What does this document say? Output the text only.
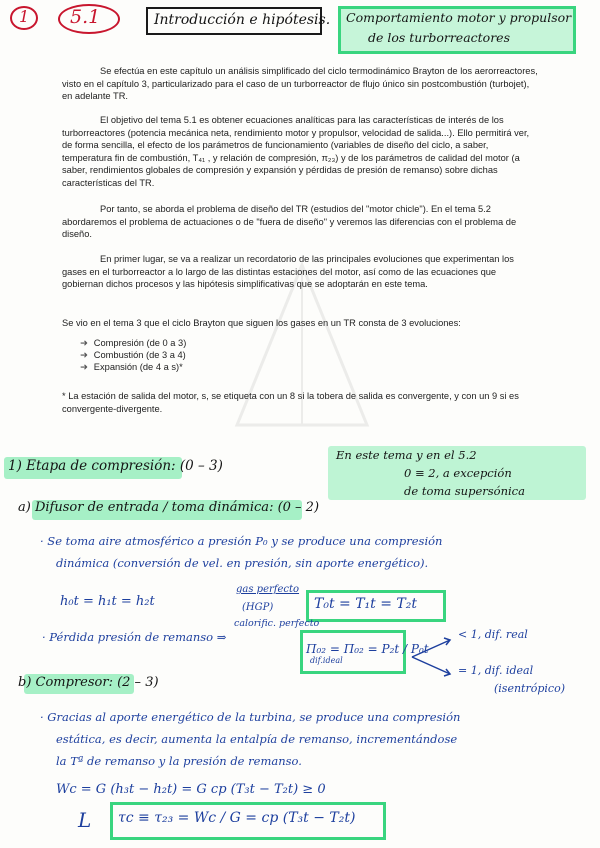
1 5.1	Introducción e hipótesis. Comportamiento motor y propulsor
de los turborreactores
Se efectúa en este capítulo un análisis simplificado del ciclo termodinámico Brayton de los aerorreactores, visto en el capítulo 3, particularizado para el caso de un turborreactor de flujo único sin postcombustión (turbojet), en adelante TR.
El objetivo del tema 5.1 es obtener ecuaciones analíticas para las características de interés de los turborreactores (potencia mecánica neta, rendimiento motor y propulsor, velocidad de salida...). Ello permitirá ver, de forma sencilla, el efecto de los parámetros de funcionamiento (variables de diseño del ciclo, a saber, temperatura fin de combustión, T₄₁ , y relación de compresión, π₂₃) y de los parámetros de calidad del motor (a saber, rendimientos globales de compresión y expansión y pérdidas de presión de remanso) sobre dichas características del TR.
Por tanto, se aborda el problema de diseño del TR (estudios del "motor chicle"). En el tema 5.2 abordaremos el problema de actuaciones o de "fuera de diseño" y veremos las diferencias con el problema de diseño.
En primer lugar, se va a realizar un recordatorio de las principales evoluciones que experimentan los gases en el turborreactor a lo largo de las distintas estaciones del motor, así como de las ecuaciones que gobiernan dichos procesos y las hipótesis simplificativas que se adoptarán en este tema.
Se vio en el tema 3 que el ciclo Brayton que siguen los gases en un TR consta de 3 evoluciones:
➜ Compresión (de 0 a 3)
➜ Combustión (de 3 a 4)
➜ Expansión (de 4 a s)*
* La estación de salida del motor, s, se etiqueta con un 8 si la tobera de salida es convergente, y con un 9 si es convergente-divergente.
1) Etapa de compresión: (0 – 3)
En este tema y en el 5.2
0 ≡ 2, a excepción
de toma supersónica
a) Difusor de entrada / toma dinámica: (0 – 2)
· Se toma aire atmosférico a presión P₀ y se produce una compresión
dinámica (conversión de vel. en presión, sin aporte energético).
h₀t = h₁t = h₂t
gas perfecto
(HGP)	T₀t = T₁t = T₂t
calorific. perfecto
· Pérdida presión de remanso ⇒
Π₀₂ = Π₀₂ = P₂t / P₀t
dif.ideal
< 1, dif. real
= 1, dif. ideal
(isentrópico)
b) Compresor: (2 – 3)
· Gracias al aporte energético de la turbina, se produce una compresión
estática, es decir, aumenta la entalpía de remanso, incrementándose
la Tª de remanso y la presión de remanso.
Wc = G (h₃t − h₂t) = G cp (T₃t − T₂t) ≥ 0
L τc ≡ τ₂₃ = Wc / G = cp (T₃t − T₂t)
